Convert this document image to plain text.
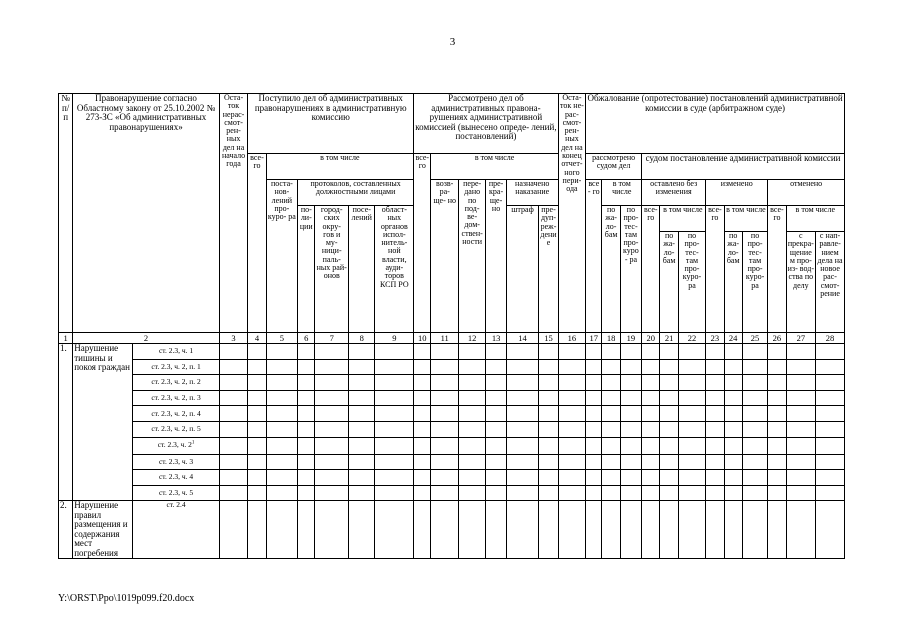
3
№ п/п	Правонарушение согласно Областному закону от 25.10.2002 № 273-ЗС «Об административных правонарушениях»		Оста- ток нерас- смот- рен- ных дел на начало года	Поступило дел об административных правонарушениях в административную комиссию						Рассмотрено дел об административных правона- рушениях административной комиссией (вынесено опреде- лений, постановлений)						Оста- ток не- рас- смот- рен- ных дел на конец отчет- ного пери- ода	Обжалование (опротестование) постановлений административной комиссии в суде (арбитражном суде)											
				все- го	в том числе					все- го	в том числе						рассмотрено судом дел			судом постановление административной комиссии								
					поста- нов- лений про- куро- ра	протоколов, составленных должностными лицами					возв- ра- ще- но	пере- дано по под- ве- дом- ствен- ности	пре- кра- ще- но	назначено наказание			все- го	в том числе		оставлено без изменения			изменено			отменено		
						по- ли- ции	город- ских окру- гов и му- ници- паль- ных рай- онов	посе- лений	област- ных органов испол- нитель- ной власти, ауди- торов КСП РО					штраф	пре- дуп- реж- дение			по жа- ло- бам	по про- тес- там про- куро- ра	все- го	в том числе		все- го	в том числе		все- го	в том числе	
																					по жа- ло- бам	по про- тес- там про- куро- ра		по жа- ло- бам	по про- тес- там про- куро- ра		с прекра- щением про- из- вод- ства по делу	с нап- равле- нием дела на новое рас- смот- рение
1	2		3	4	5	6	7	8	9	10	11	12	13	14	15	16	17	18	19	20	21	22	23	24	25	26	27	28
1.	Нарушение тишины и покоя граждан	ст. 2.3, ч. 1																										
		ст. 2.3, ч. 2, п. 1																										
		ст. 2.3, ч. 2, п. 2																										
		ст. 2.3, ч. 2, п. 3																										
		ст. 2.3, ч. 2, п. 4																										
		ст. 2.3, ч. 2, п. 5																										
		ст. 2.3, ч. $2^1$																										
		ст. 2.3, ч. 3																										
		ст. 2.3, ч. 4																										
		ст. 2.3, ч. 5																										
2.	Нарушение правил размещения и содержания мест погребения	ст. 2.4																										
Y:\ORST\Ppo\1019p099.f20.docx
